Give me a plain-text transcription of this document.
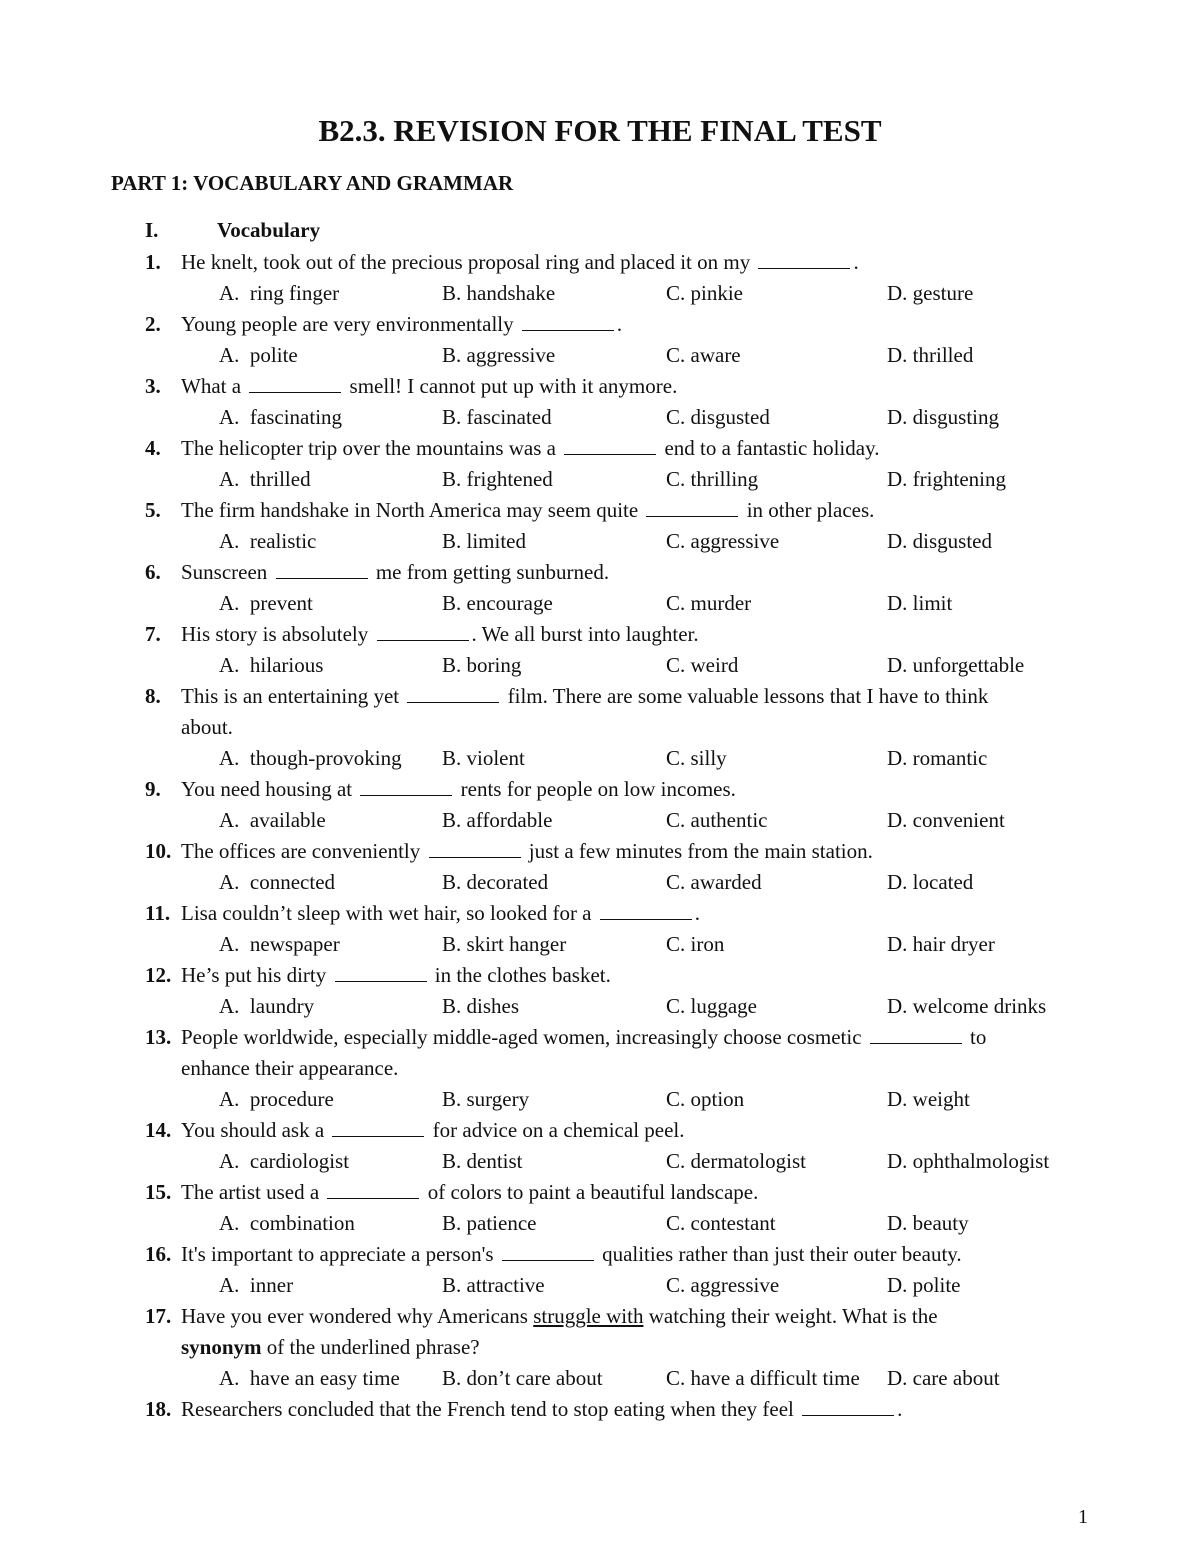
B2.3. REVISION FOR THE FINAL TEST
PART 1: VOCABULARY AND GRAMMAR
I.	Vocabulary
1. He knelt, took out of the precious proposal ring and placed it on my	.
A.  ring finger	B. handshake	C. pinkie	D. gesture
2. Young people are very environmentally	.
A.  polite	B. aggressive	C. aware	D. thrilled
3. What a	smell! I cannot put up with it anymore.
A.  fascinating	B. fascinated	C. disgusted	D. disgusting
4. The helicopter trip over the mountains was a	end to a fantastic holiday.
A.  thrilled	B. frightened	C. thrilling	D. frightening
5. The firm handshake in North America may seem quite	in other places.
A.  realistic	B. limited	C. aggressive	D. disgusted
6. Sunscreen	me from getting sunburned.
A.  prevent	B. encourage	C. murder	D. limit
7. His story is absolutely	. We all burst into laughter.
A.  hilarious	B. boring	C. weird	D. unforgettable
8. This is an entertaining yet	film. There are some valuable lessons that I have to think
about.
A.  though-provoking B. violent	C. silly	D. romantic
9. You need housing at	rents for people on low incomes.
A.  available	B. affordable	C. authentic	D. convenient
10. The offices are conveniently	just a few minutes from the main station.
A.  connected	B. decorated	C. awarded	D. located
11. Lisa couldn’t sleep with wet hair, so looked for a	.
A.  newspaper	B. skirt hanger	C. iron	D. hair dryer
12. He’s put his dirty	in the clothes basket.
A.  laundry	B. dishes	C. luggage	D. welcome drinks
13. People worldwide, especially middle-aged women, increasingly choose cosmetic	to
enhance their appearance.
A.  procedure	B. surgery	C. option	D. weight
14. You should ask a	for advice on a chemical peel.
A.  cardiologist	B. dentist	C. dermatologist	D. ophthalmologist
15. The artist used a	of colors to paint a beautiful landscape.
A.  combination	B. patience	C. contestant	D. beauty
16. It's important to appreciate a person's	qualities rather than just their outer beauty.
A.  inner	B. attractive	C. aggressive	D. polite
17. Have you ever wondered why Americans struggle with watching their weight. What is the
synonym of the underlined phrase?
A.  have an easy time B. don’t care about	C. have a difficult time D. care about
18. Researchers concluded that the French tend to stop eating when they feel	.
1
